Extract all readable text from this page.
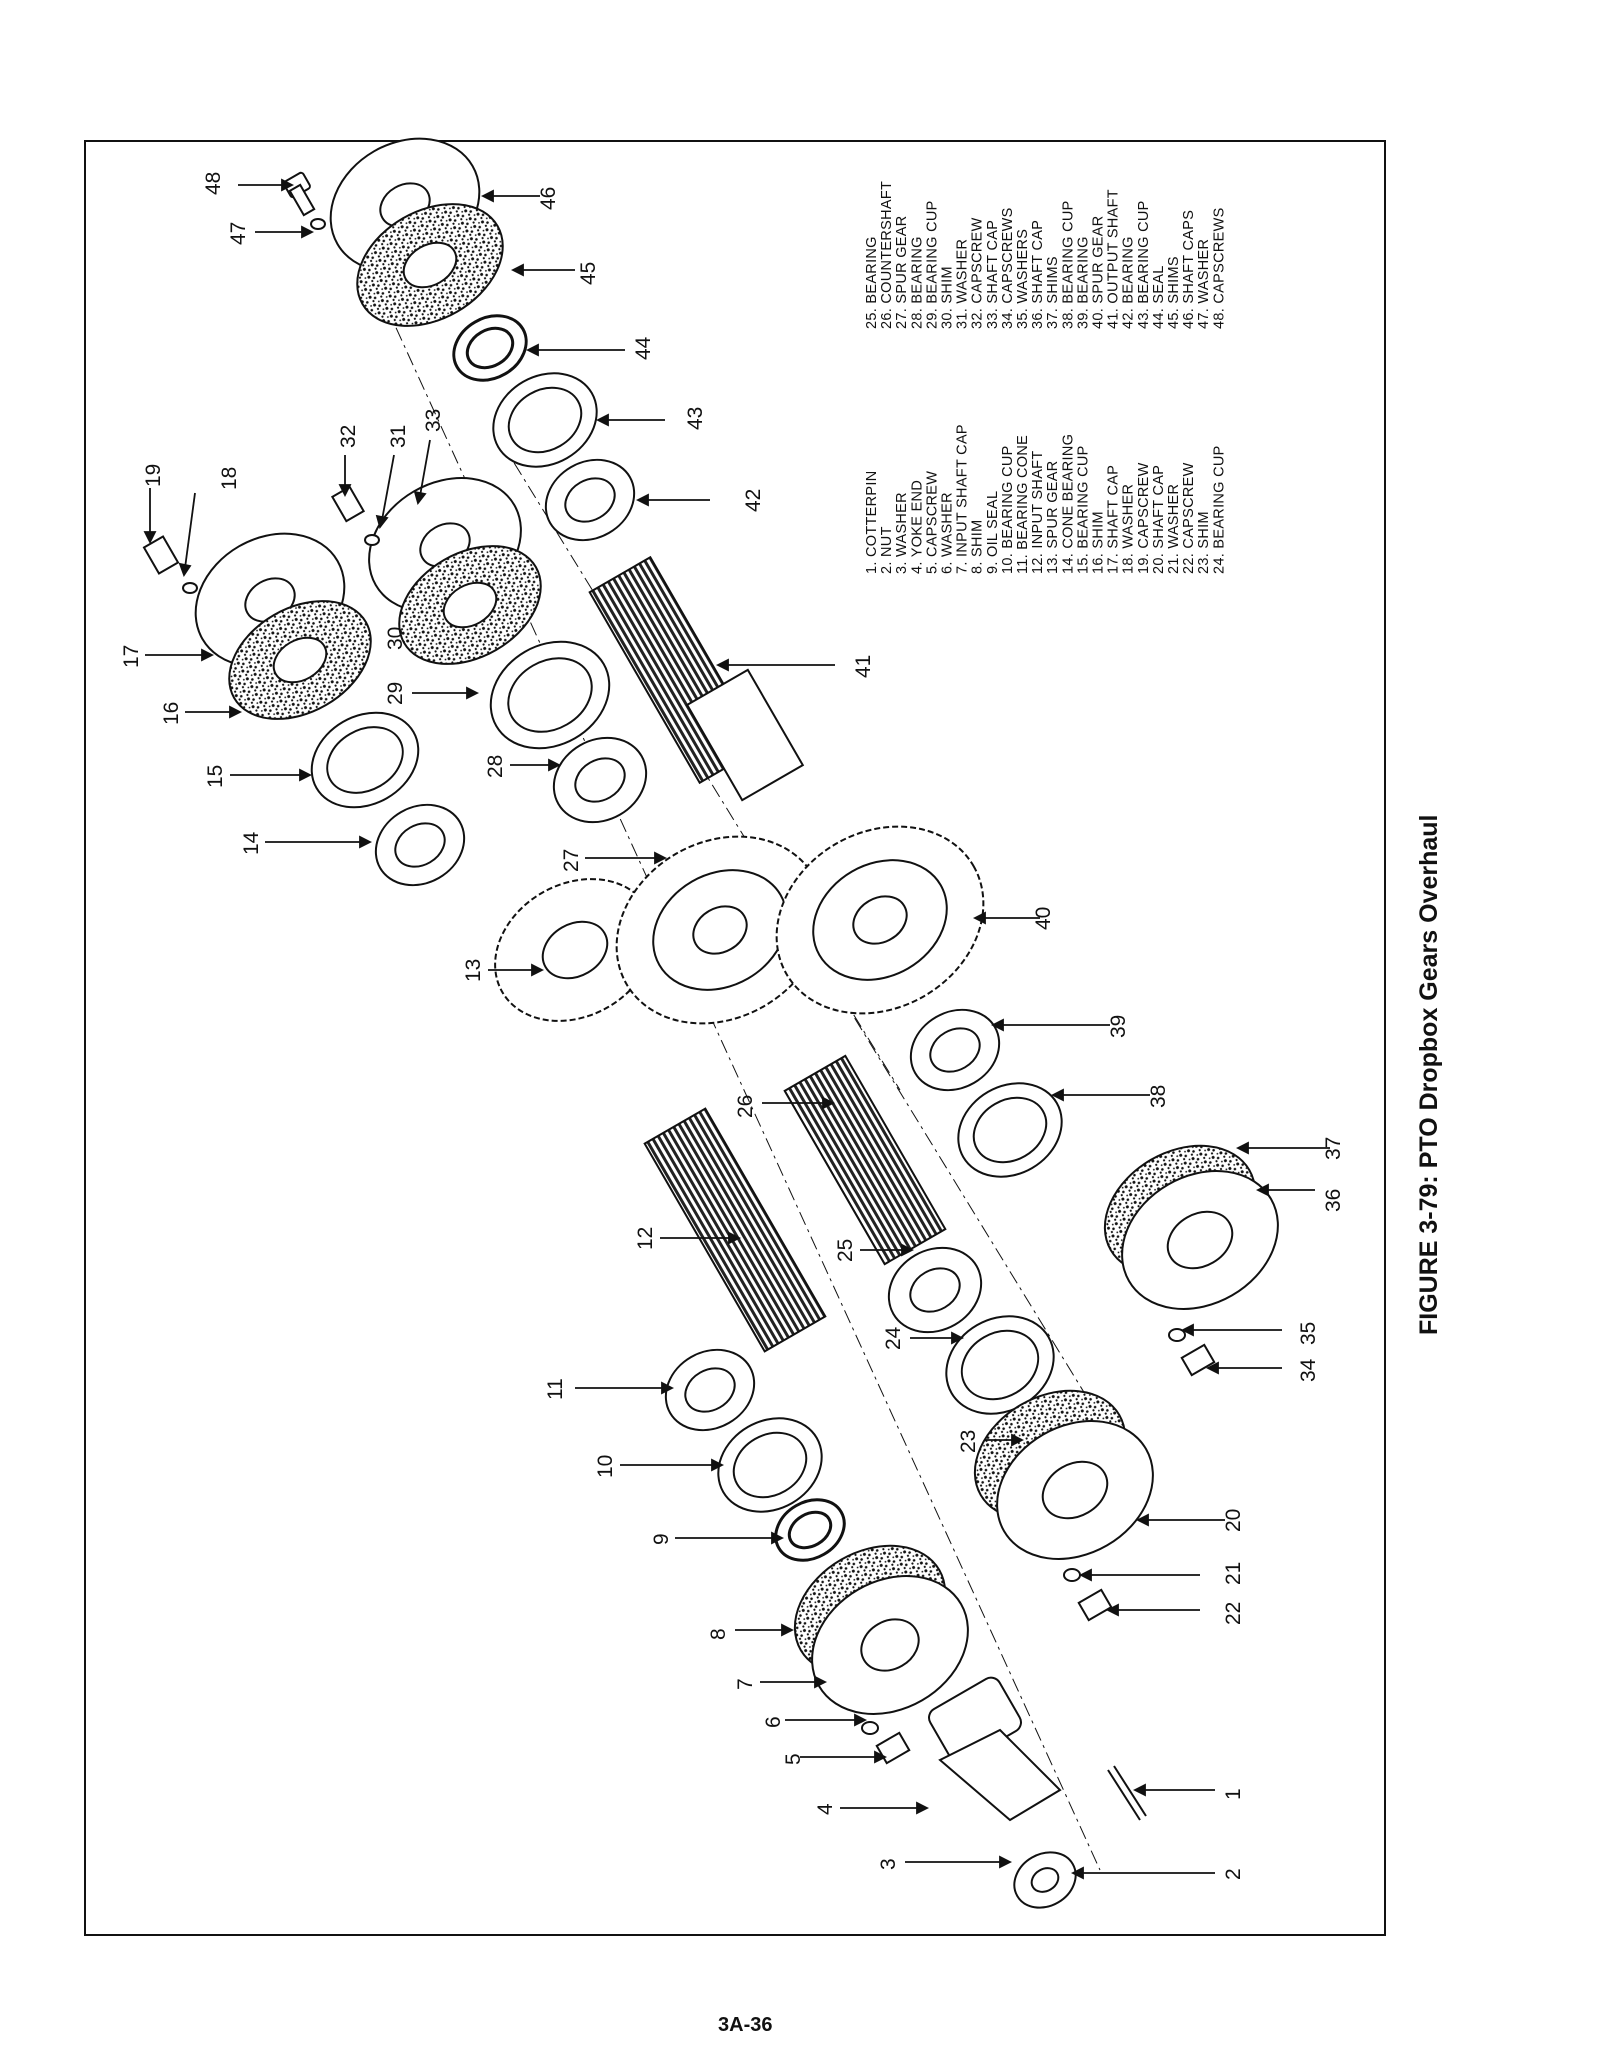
48
47
46
45
44
43
42
41
19	18
17
16
15
14
32 31
33
29
30
28
27
13
40
39
38
37
36
35
34
26
12
25
24
23
20
21
22
11
10
9
8
7
6
5
4
3
2
1
1. COTTERPIN 2. NUT 3. WASHER 4. YOKE END 5. CAPSCREW 6. WASHER 7. INPUT SHAFT CAP 8. SHIM 9. OIL SEAL 10. BEARING CUP 11. BEARING CONE 12. INPUT SHAFT 13. SPUR GEAR 14. CONE BEARING 15. BEARING CUP 16. SHIM 17. SHAFT CAP 18. WASHER 19. CAPSCREW 20. SHAFT CAP 21. WASHER 22. CAPSCREW 23. SHIM 24. BEARING CUP
25. BEARING 26. COUNTERSHAFT 27. SPUR GEAR 28. BEARING 29. BEARING CUP 30. SHIM 31. WASHER 32. CAPSCREW 33. SHAFT CAP 34. CAPSCREWS 35. WASHERS 36. SHAFT CAP 37. SHIMS 38. BEARING CUP 39. BEARING 40. SPUR GEAR 41. OUTPUT SHAFT 42. BEARING 43. BEARING CUP 44. SEAL 45. SHIMS 46. SHAFT CAPS 47. WASHER 48. CAPSCREWS
FIGURE 3-79: PTO Dropbox Gears Overhaul
3A-36
